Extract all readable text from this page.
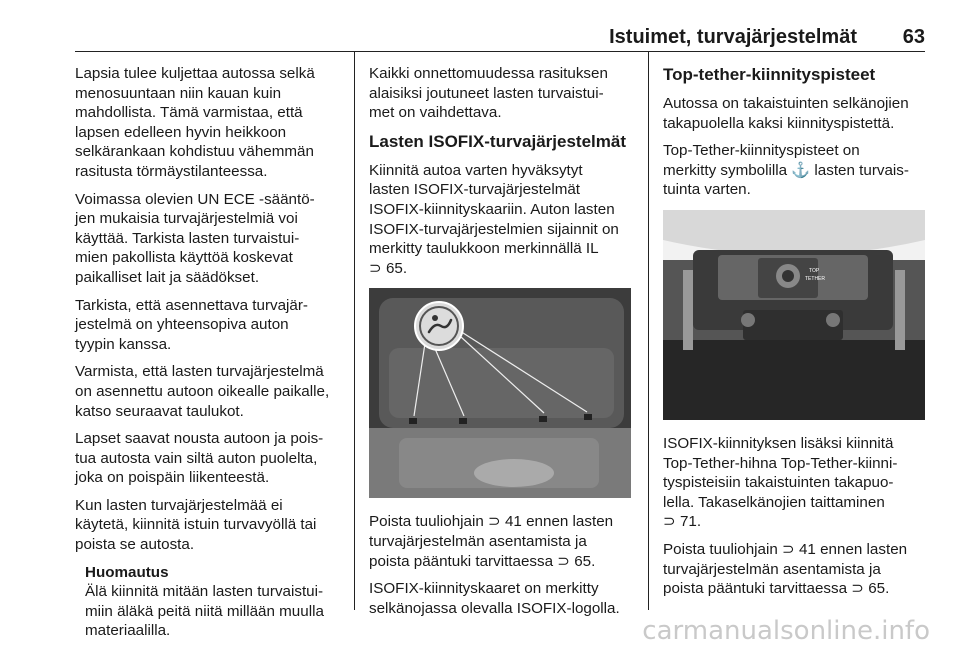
Istuimet, turvajärjestelmät 63

Lapsia tulee kuljettaa autossa selkä
menosuuntaan niin kauan kuin
mahdollista. Tämä varmistaa, että
lapsen edelleen hyvin heikkoon
selkärankaan kohdistuu vähemmän
rasitusta törmäystilanteessa.

Voimassa olevien UN ECE -sääntö-
jen mukaisia turvajärjestelmiä voi
käyttää. Tarkista lasten turvaistui-
mien pakollista käyttöä koskevat
paikalliset lait ja säädökset.

Tarkista, että asennettava turvajär-
jestelmä on yhteensopiva auton
tyypin kanssa.

Varmista, että lasten turvajärjestelmä
on asennettu autoon oikealle paikalle,
katso seuraavat taulukot.

Lapset saavat nousta autoon ja pois-
tua autosta vain siltä auton puolelta,
joka on poispäin liikenteestä.

Kun lasten turvajärjestelmää ei
käytetä, kiinnitä istuin turvavyöllä tai
poista se autosta.

Huomautus
Älä kiinnitä mitään lasten turvaistui-
miin äläkä peitä niitä millään muulla
materiaalilla.

Kaikki onnettomuudessa rasituksen
alaisiksi joutuneet lasten turvaistui-
met on vaihdettava.

Lasten ISOFIX-turvajärjestelmät

Kiinnitä autoa varten hyväksytyt
lasten ISOFIX-turvajärjestelmät
ISOFIX-kiinnityskaariin. Auton lasten
ISOFIX-turvajärjestelmien sijainnit on
merkitty taulukkoon merkinnällä IL
⊃ 65.

Poista tuuliohjain ⊃ 41 ennen lasten
turvajärjestelmän asentamista ja
poista pääntuki tarvittaessa ⊃ 65.

ISOFIX-kiinnityskaaret on merkitty
selkänojassa olevalla ISOFIX-logolla.

Top-tether-kiinnityspisteet

Autossa on takaistuinten selkänojien
takapuolella kaksi kiinnityspistettä.

Top-Tether-kiinnityspisteet on
merkitty symbolilla ⚓ lasten turvais-
tuinta varten.

TOP
TETHER

ISOFIX-kiinnityksen lisäksi kiinnitä
Top-Tether-hihna Top-Tether-kiinni-
tyspisteisiin takaistuinten takapuo-
lella. Takaselkänojien taittaminen
⊃ 71.

Poista tuuliohjain ⊃ 41 ennen lasten
turvajärjestelmän asentamista ja
poista pääntuki tarvittaessa ⊃ 65.

carmanualsonline.info
